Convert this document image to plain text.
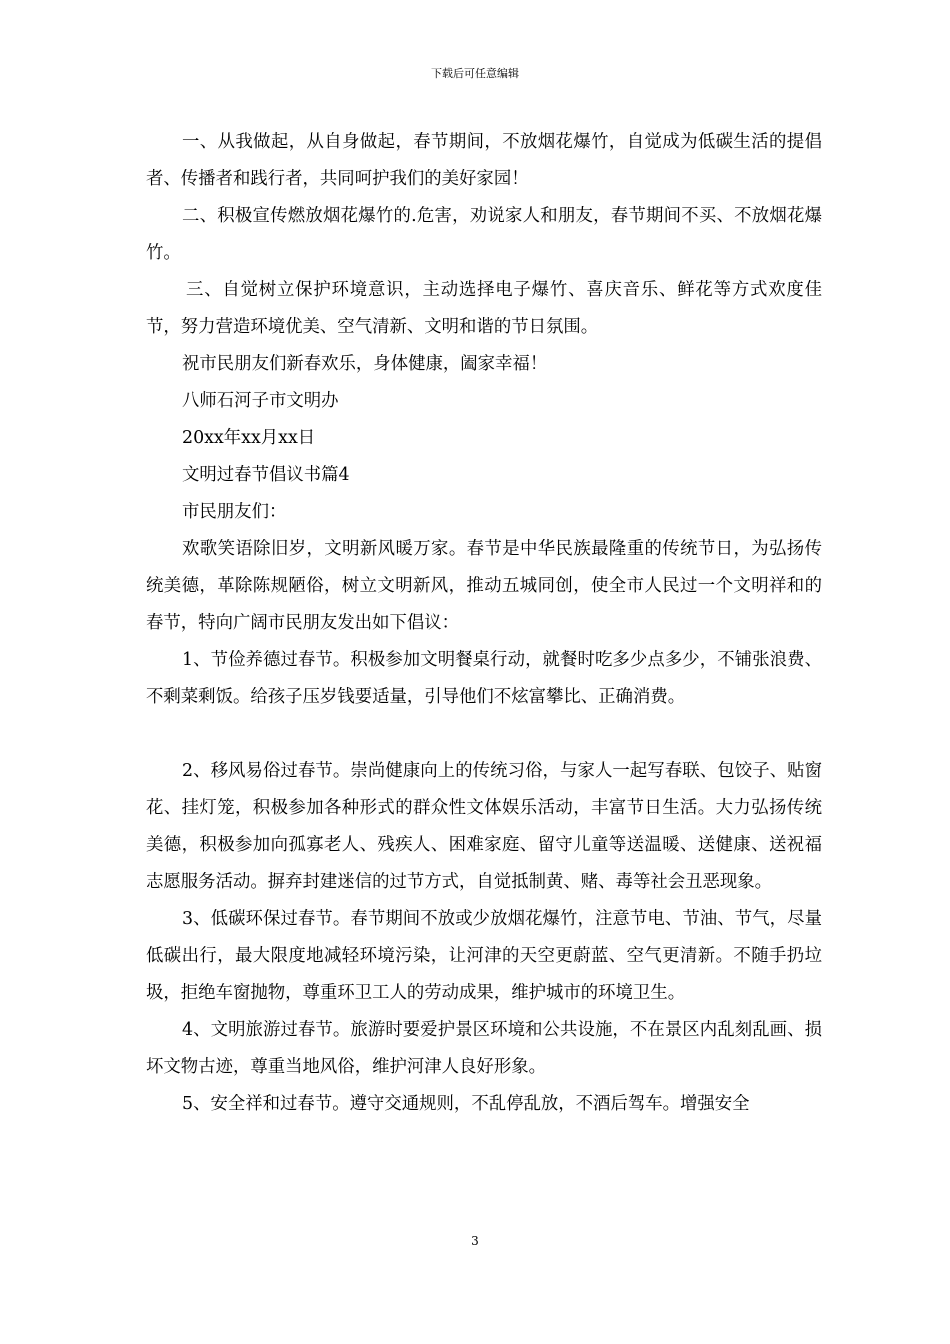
下载后可任意编辑

一、从我做起，从自身做起，春节期间，不放烟花爆竹，自觉成为低碳生活的提倡者、传播者和践行者，共同呵护我们的美好家园！

二、积极宣传燃放烟花爆竹的.危害，劝说家人和朋友，春节期间不买、不放烟花爆竹。

三、自觉树立保护环境意识，主动选择电子爆竹、喜庆音乐、鲜花等方式欢度佳节，努力营造环境优美、空气清新、文明和谐的节日氛围。

祝市民朋友们新春欢乐，身体健康，阖家幸福！

八师石河子市文明办

20xx年xx月xx日

文明过春节倡议书篇4

市民朋友们：

欢歌笑语除旧岁，文明新风暖万家。春节是中华民族最隆重的传统节日，为弘扬传统美德，革除陈规陋俗，树立文明新风，推动五城同创，使全市人民过一个文明祥和的春节，特向广阔市民朋友发出如下倡议：

1、节俭养德过春节。积极参加文明餐桌行动，就餐时吃多少点多少，不铺张浪费、不剩菜剩饭。给孩子压岁钱要适量，引导他们不炫富攀比、正确消费。

2、移风易俗过春节。崇尚健康向上的传统习俗，与家人一起写春联、包饺子、贴窗花、挂灯笼，积极参加各种形式的群众性文体娱乐活动，丰富节日生活。大力弘扬传统美德，积极参加向孤寡老人、残疾人、困难家庭、留守儿童等送温暖、送健康、送祝福志愿服务活动。摒弃封建迷信的过节方式，自觉抵制黄、赌、毒等社会丑恶现象。

3、低碳环保过春节。春节期间不放或少放烟花爆竹，注意节电、节油、节气，尽量低碳出行，最大限度地减轻环境污染，让河津的天空更蔚蓝、空气更清新。不随手扔垃圾，拒绝车窗抛物，尊重环卫工人的劳动成果，维护城市的环境卫生。

4、文明旅游过春节。旅游时要爱护景区环境和公共设施，不在景区内乱刻乱画、损坏文物古迹，尊重当地风俗，维护河津人良好形象。

5、安全祥和过春节。遵守交通规则，不乱停乱放，不酒后驾车。增强安全

3
